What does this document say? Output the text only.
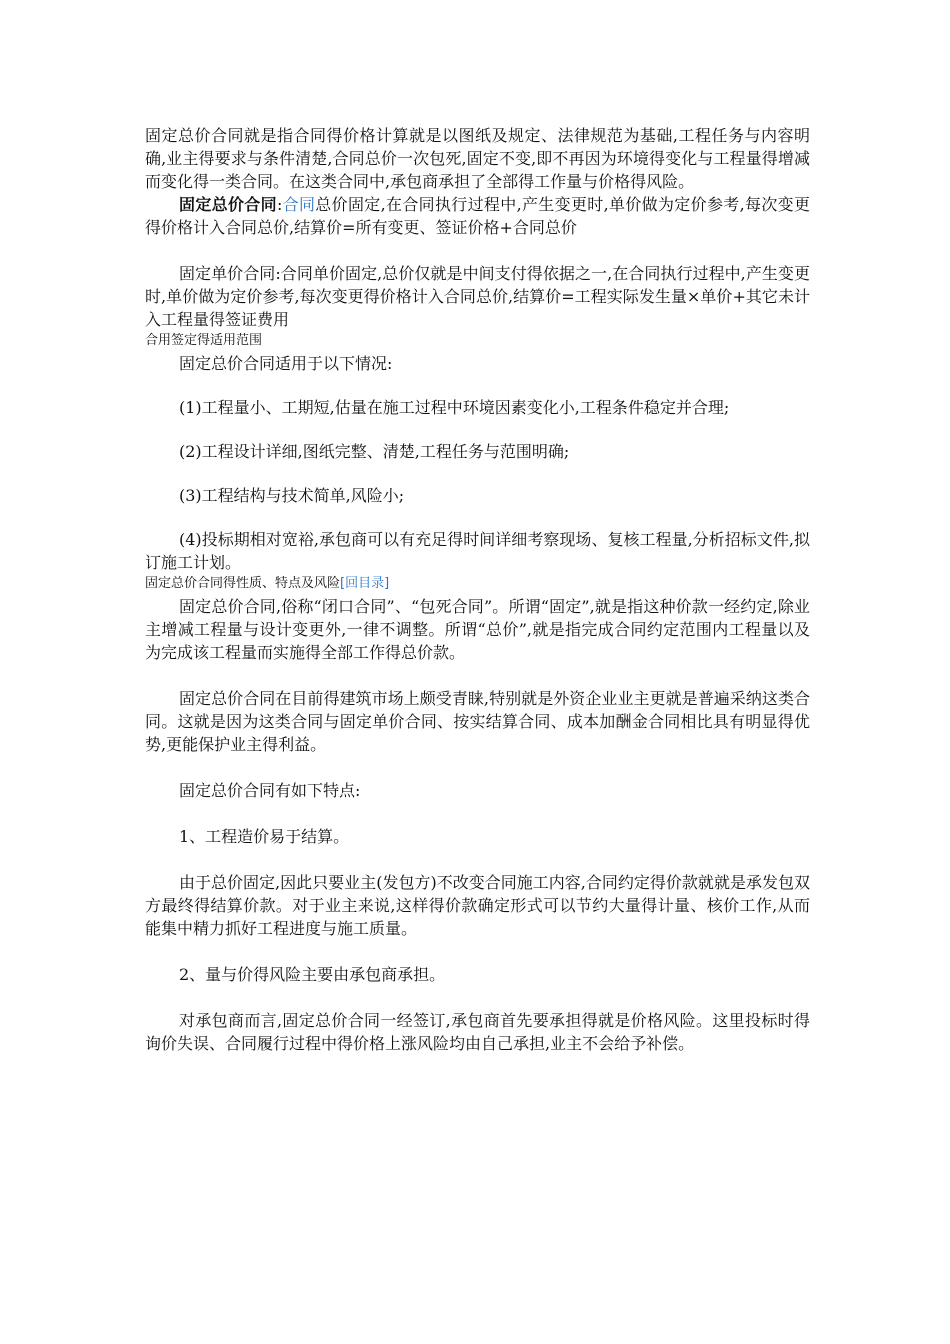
固定总价合同就是指合同得价格计算就是以图纸及规定、法律规范为基础,工程任务与内容明确,业主得要求与条件清楚,合同总价一次包死,固定不变,即不再因为环境得变化与工程量得增减而变化得一类合同。在这类合同中,承包商承担了全部得工作量与价格得风险。

固定总价合同:合同总价固定,在合同执行过程中,产生变更时,单价做为定价参考,每次变更得价格计入合同总价,结算价=所有变更、签证价格+合同总价

固定单价合同:合同单价固定,总价仅就是中间支付得依据之一,在合同执行过程中,产生变更时,单价做为定价参考,每次变更得价格计入合同总价,结算价=工程实际发生量×单价+其它未计入工程量得签证费用

合用签定得适用范围

固定总价合同适用于以下情况:

(1)工程量小、工期短,估量在施工过程中环境因素变化小,工程条件稳定并合理;

(2)工程设计详细,图纸完整、清楚,工程任务与范围明确;

(3)工程结构与技术简单,风险小;

(4)投标期相对宽裕,承包商可以有充足得时间详细考察现场、复核工程量,分析招标文件,拟订施工计划。

固定总价合同得性质、特点及风险[回目录]

固定总价合同,俗称“闭口合同”、“包死合同”。所谓“固定”,就是指这种价款一经约定,除业主增减工程量与设计变更外,一律不调整。所谓“总价”,就是指完成合同约定范围内工程量以及为完成该工程量而实施得全部工作得总价款。

固定总价合同在目前得建筑市场上颇受青睐,特别就是外资企业业主更就是普遍采纳这类合同。这就是因为这类合同与固定单价合同、按实结算合同、成本加酬金合同相比具有明显得优势,更能保护业主得利益。

固定总价合同有如下特点:

1、工程造价易于结算。

由于总价固定,因此只要业主(发包方)不改变合同施工内容,合同约定得价款就就是承发包双方最终得结算价款。对于业主来说,这样得价款确定形式可以节约大量得计量、核价工作,从而能集中精力抓好工程进度与施工质量。

2、量与价得风险主要由承包商承担。

对承包商而言,固定总价合同一经签订,承包商首先要承担得就是价格风险。这里投标时得询价失误、合同履行过程中得价格上涨风险均由自己承担,业主不会给予补偿。
